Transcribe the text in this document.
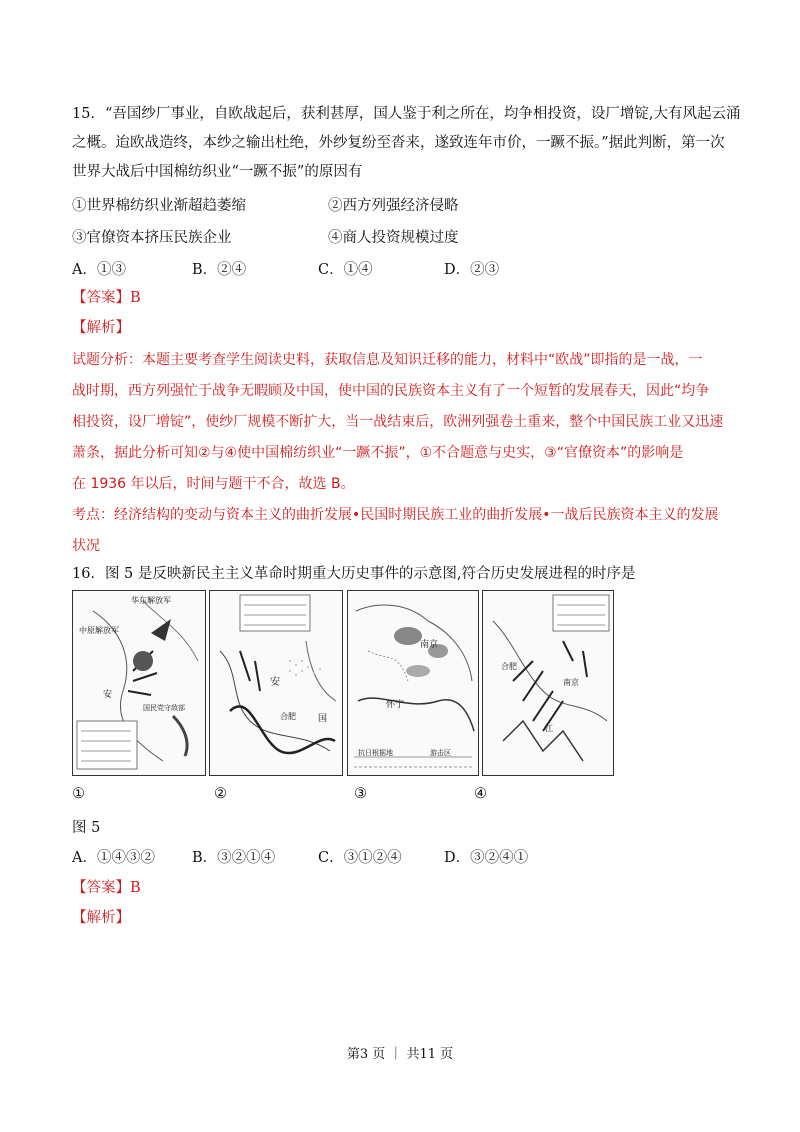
15．“吾国纱厂事业，自欧战起后，获利甚厚，国人鉴于利之所在，均争相投资，设厂增锭,大有风起云涌
之概。迨欧战造终，本纱之输出杜绝，外纱复纷至沓来，遂致连年市价，一蹶不振。”据此判断，第一次
世界大战后中国棉纺织业“一蹶不振”的原因有
①世界棉纺织业渐超趋萎缩	②西方列强经济侵略
③官僚资本挤压民族企业	④商人投资规模过度
A．①③	B．②④	C．①④	D．②③
【答案】B
【解析】
试题分析：本题主要考查学生阅读史料，获取信息及知识迁移的能力，材料中“欧战”即指的是一战，一
战时期，西方列强忙于战争无暇顾及中国，使中国的民族资本主义有了一个短暂的发展春天，因此“均争
相投资，设厂增锭”，使纱厂规模不断扩大，当一战结束后，欧洲列强卷土重来，整个中国民族工业又迅速
萧条，据此分析可知②与④使中国棉纺织业“一蹶不振”，①不合题意与史实，③“官僚资本”的影响是
在 1936 年以后，时间与题干不合，故选 B。
考点：经济结构的变动与资本主义的曲折发展•民国时期民族工业的曲折发展•一战后民族资本主义的发展
状况
16．图 5 是反映新民主主义革命时期重大历史事件的示意图,符合历史发展进程的时序是
华东解放军
中原解放军
安
国民党守敌部
安
合肥 国
南京
怀宁
抗日根据地	游击区
合肥
南京
江
①	②	③	④
图 5
A．①④③②	B．③②①④	C．③①②④	D．③②④①
【答案】B
【解析】
第3 页 ｜ 共11 页
